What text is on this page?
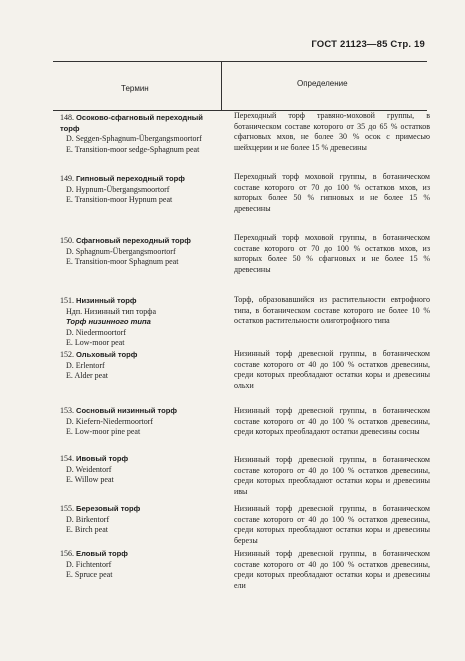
ГОСТ 21123—85 Стр. 19
Термин
Определение
148. Осоково-сфагновый переходный торф
D. Seggen-Sphagnum-Übergangsmoortorf
E. Transition-moor sedge-Sphagnum peat
Переходный торф травяно-моховой группы, в ботаническом составе которого от 35 до 65 % остатков сфагновых мхов, не более 30 % осок с примесью шейхцерии и не более 15 % древесины
149. Гипновый переходный торф
D. Hypnum-Übergangsmoortorf
E. Transition-moor Hypnum peat
Переходный торф моховой группы, в ботаническом составе которого от 70 до 100 % остатков мхов, из которых более 50 % гипновых и не более 15 % древесины
150. Сфагновый переходный торф
D. Sphagnum-Übergangsmoortorf
E. Transition-moor Sphagnum peat
Переходный торф моховой группы, в ботаническом составе которого от 70 до 100 % остатков мхов, из которых более 50 % сфагновых и не более 15 % древесины
151. Низинный торф
Ндп. Низинный тип торфа
Торф низинного типа
D. Niedermoortorf
E. Low-moor peat
Торф, образовавшийся из растительности евтрофного типа, в ботаническом составе которого не более 10 % остатков растительности олиготрофного типа
152. Ольховый торф
D. Erlentorf
E. Alder peat
Низинный торф древесной группы, в ботаническом составе которого от 40 до 100 % остатков древесины, среди которых преобладают остатки коры и древесины ольхи
153. Сосновый низинный торф
D. Kiefern-Niedermoortorf
E. Low-moor pine peat
Низинный торф древесной группы, в ботаническом составе которого от 40 до 100 % остатков древесины, среди которых преобладают остатки древесины сосны
154. Ивовый торф
D. Weidentorf
E. Willow peat
Низинный торф древесной группы, в ботаническом составе которого от 40 до 100 % остатков древесины, среди которых преобладают остатки коры и древесины ивы
155. Березовый торф
D. Birkentorf
E. Birch peat
Низинный торф древесной группы, в ботаническом составе которого от 40 до 100 % остатков древесины, среди которых преобладают остатки коры и древесины березы
156. Еловый торф
D. Fichtentorf
E. Spruce peat
Низинный торф древесной группы, в ботаническом составе которого от 40 до 100 % остатков древесины, среди которых преобладают остатки коры и древесины ели
